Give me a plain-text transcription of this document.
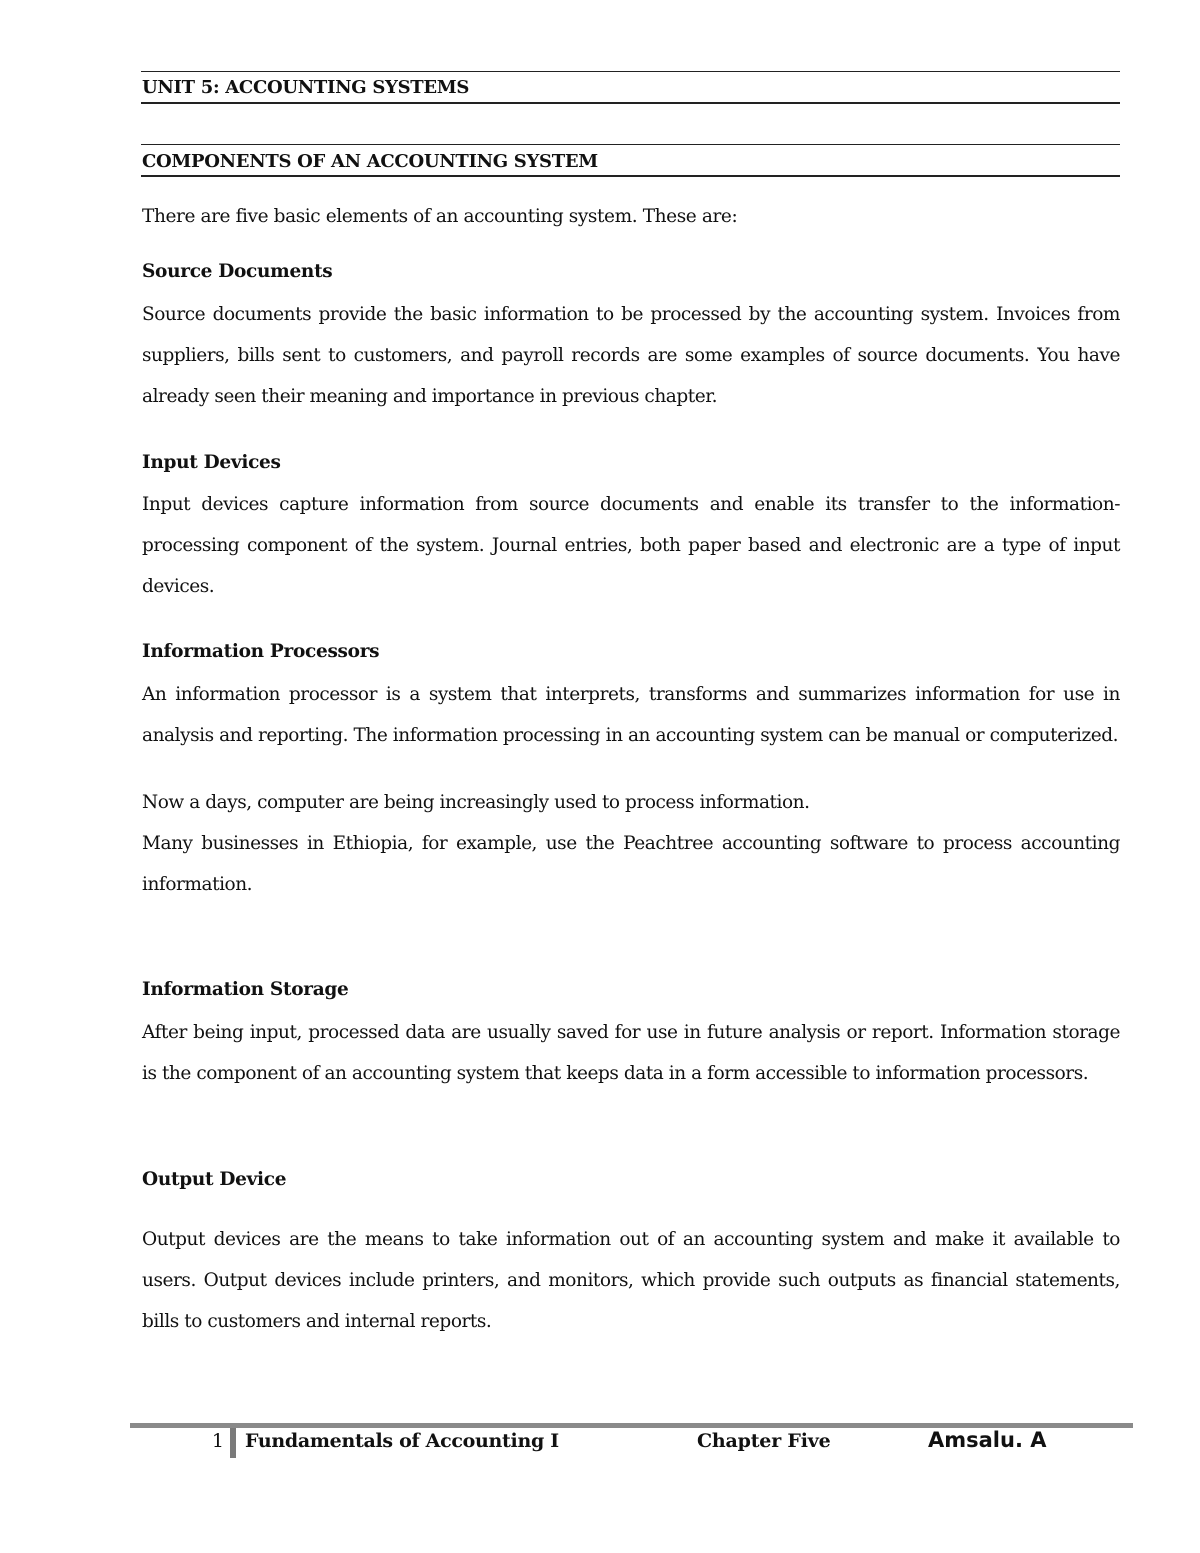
UNIT 5: ACCOUNTING SYSTEMS
COMPONENTS OF AN ACCOUNTING SYSTEM
There are five basic elements of an accounting system. These are:
Source Documents

Source documents provide the basic information to be processed by the accounting system. Invoices from suppliers, bills sent to customers, and payroll records are some examples of source documents. You have already seen their meaning and importance in previous chapter.

Input Devices

Input devices capture information from source documents and enable its transfer to the information-processing component of the system. Journal entries, both paper based and electronic are a type of input devices.

Information Processors

An information processor is a system that interprets, transforms and summarizes information for use in analysis and reporting. The information processing in an accounting system can be manual or computerized.

Now a days, computer are being increasingly used to process information.

Many businesses in Ethiopia, for example, use the Peachtree accounting software to process accounting information.

Information Storage

After being input, processed data are usually saved for use in future analysis or report. Information storage is the component of an accounting system that keeps data in a form accessible to information processors.

Output Device

Output devices are the means to take information out of an accounting system and make it available to users. Output devices include printers, and monitors, which provide such outputs as financial statements, bills to customers and internal reports.

1 Fundamentals of Accounting I	Chapter Five	Amsalu. A
